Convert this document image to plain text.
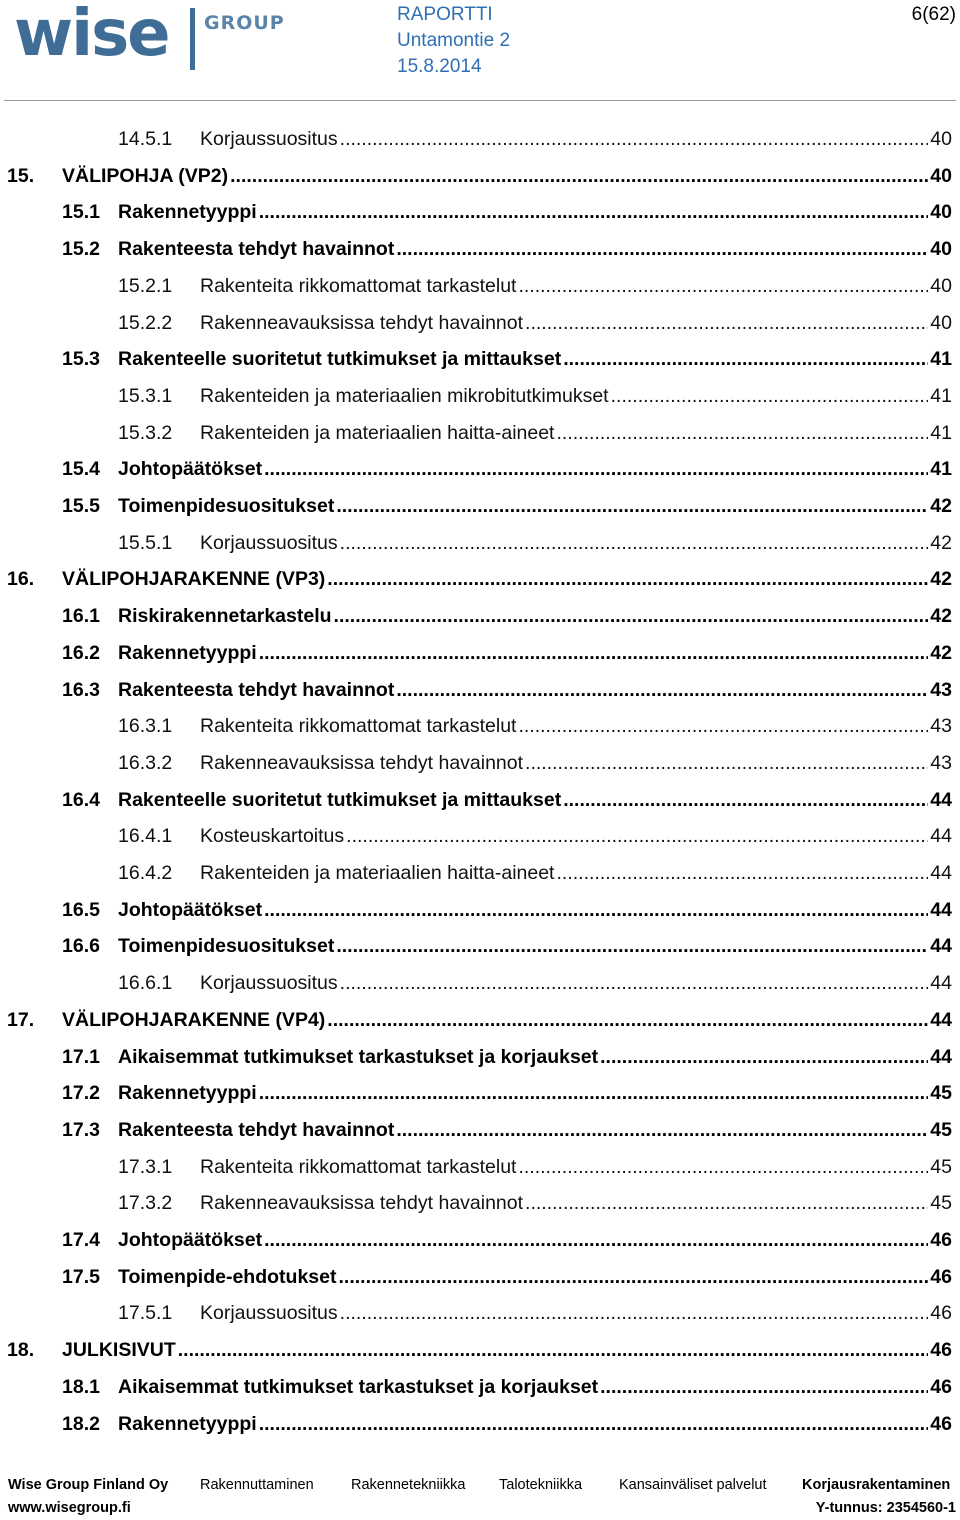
wise GROUP	RAPORTTI
Untamontie 2
15.8.2014
6(62)
14.5.1 Korjaussuositus .....	40
15. VÄLIPOHJA (VP2) .....	40
15.1 Rakennetyyppi .....	40
15.2 Rakenteesta tehdyt havainnot .....	40
15.2.1 Rakenteita rikkomattomat tarkastelut .....	40
15.2.2 Rakenneavauksissa tehdyt havainnot .....	40
15.3 Rakenteelle suoritetut tutkimukset ja mittaukset .....	41
15.3.1 Rakenteiden ja materiaalien mikrobitutkimukset .....	41
15.3.2 Rakenteiden ja materiaalien haitta-aineet .....	41
15.4 Johtopäätökset .....	41
15.5 Toimenpidesuositukset .....	42
15.5.1 Korjaussuositus .....	42
16. VÄLIPOHJARAKENNE (VP3) .....	42
16.1 Riskirakennetarkastelu .....	42
16.2 Rakennetyyppi .....	42
16.3 Rakenteesta tehdyt havainnot .....	43
16.3.1 Rakenteita rikkomattomat tarkastelut .....	43
16.3.2 Rakenneavauksissa tehdyt havainnot .....	43
16.4 Rakenteelle suoritetut tutkimukset ja mittaukset .....	44
16.4.1 Kosteuskartoitus .....	44
16.4.2 Rakenteiden ja materiaalien haitta-aineet .....	44
16.5 Johtopäätökset .....	44
16.6 Toimenpidesuositukset .....	44
16.6.1 Korjaussuositus .....	44
17. VÄLIPOHJARAKENNE (VP4) .....	44
17.1 Aikaisemmat tutkimukset tarkastukset ja korjaukset .....	44
17.2 Rakennetyyppi .....	45
17.3 Rakenteesta tehdyt havainnot .....	45
17.3.1 Rakenteita rikkomattomat tarkastelut .....	45
17.3.2 Rakenneavauksissa tehdyt havainnot .....	45
17.4 Johtopäätökset .....	46
17.5 Toimenpide-ehdotukset .....	46
17.5.1 Korjaussuositus .....	46
18. JULKISIVUT .....	46
18.1 Aikaisemmat tutkimukset tarkastukset ja korjaukset .....	46
18.2 Rakennetyyppi .....	46
Wise Group Finland Oy Rakennuttaminen	Rakennetekniikka Talotekniikka	Kansainväliset palvelut Korjausrakentaminen
www.wisegroup.fi	Y-tunnus: 2354560-1
